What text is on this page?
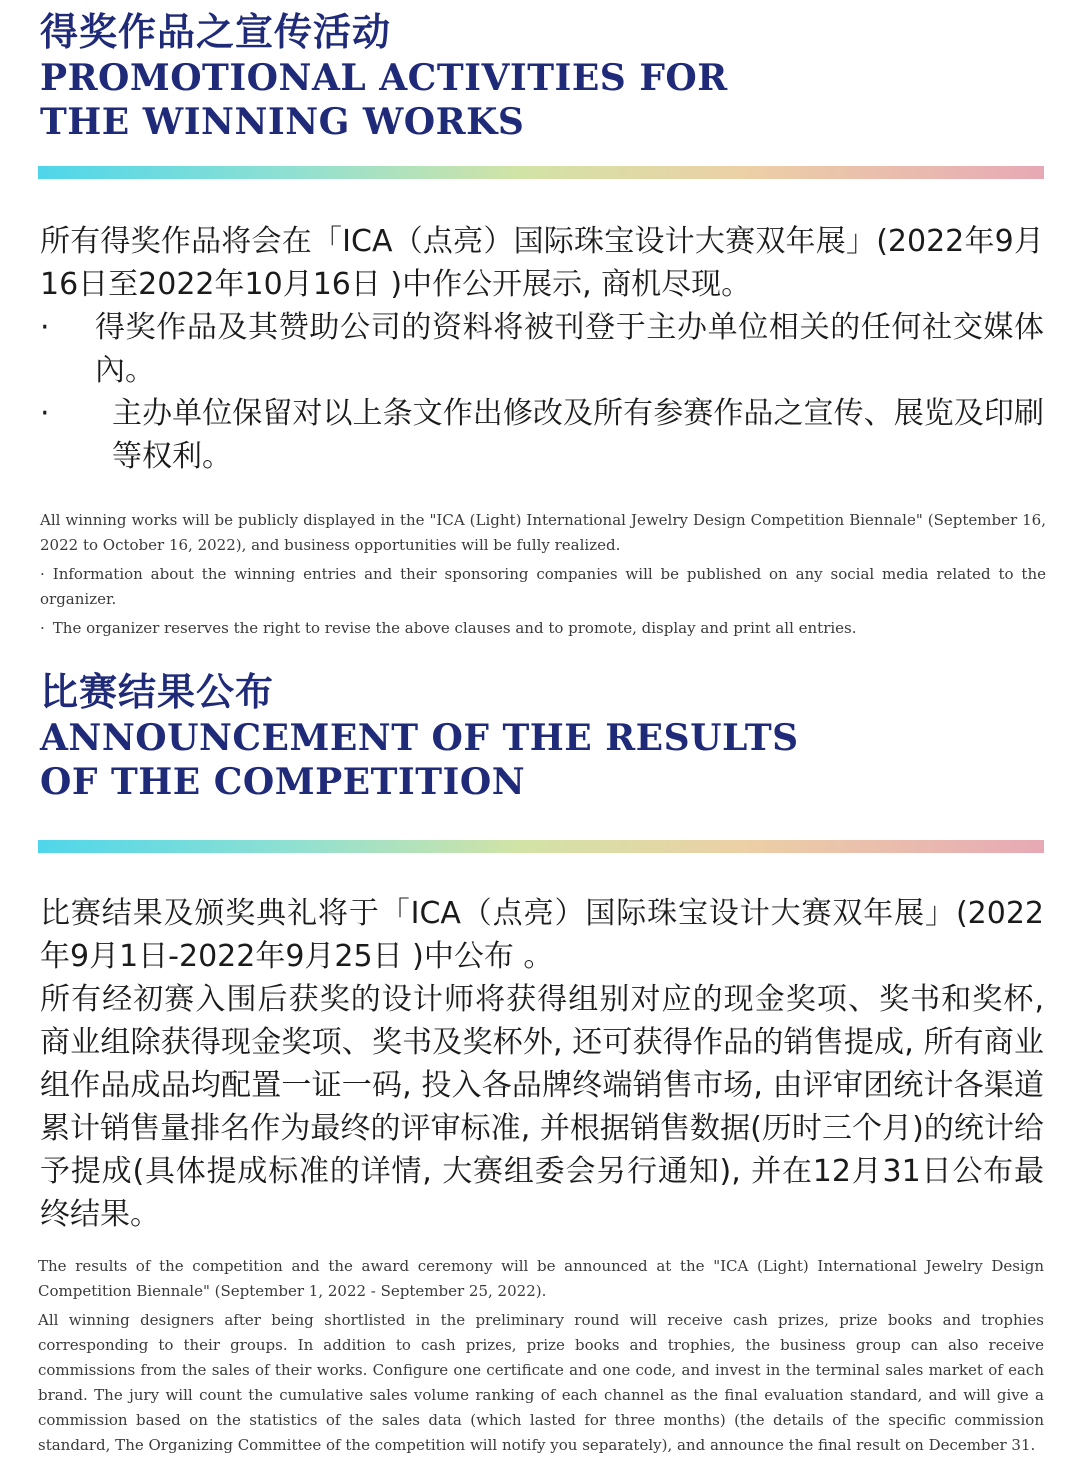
得奖作品之宣传活动
PROMOTIONAL ACTIVITIES FOR
THE WINNING WORKS

所有得奖作品将会在「ICA（点亮）国际珠宝设计大赛双年展」(2022年9月16日至2022年10月16日 )中作公开展示, 商机尽现。

·	得奖作品及其赞助公司的资料将被刊登于主办单位相关的任何社交媒体內。
·	主办单位保留对以上条文作出修改及所有参赛作品之宣传、展览及印刷等权利。

All winning works will be publicly displayed in the "ICA (Light) International Jewelry Design Competition Biennale" (September 16, 2022 to October 16, 2022), and business opportunities will be fully realized.

· Information about the winning entries and their sponsoring companies will be published on any social media related to the organizer.

· The organizer reserves the right to revise the above clauses and to promote, display and print all entries.

比赛结果公布
ANNOUNCEMENT OF THE RESULTS
OF THE COMPETITION

比赛结果及颁奖典礼将于「ICA（点亮）国际珠宝设计大赛双年展」(2022年9月1日-2022年9月25日 )中公布 。

所有经初赛入围后获奖的设计师将获得组别对应的现金奖项、奖书和奖杯, 商业组除获得现金奖项、奖书及奖杯外, 还可获得作品的销售提成, 所有商业组作品成品均配置一证一码, 投入各品牌终端销售市场, 由评审团统计各渠道累计销售量排名作为最终的评审标准, 并根据销售数据(历时三个月)的统计给予提成(具体提成标准的详情, 大赛组委会另行通知), 并在12月31日公布最终结果。

The results of the competition and the award ceremony will be announced at the "ICA (Light) International Jewelry Design Competition Biennale" (September 1, 2022 - September 25, 2022).

All winning designers after being shortlisted in the preliminary round will receive cash prizes, prize books and trophies corresponding to their groups. In addition to cash prizes, prize books and trophies, the business group can also receive commissions from the sales of their works. Configure one certificate and one code, and invest in the terminal sales market of each brand. The jury will count the cumulative sales volume ranking of each channel as the final evaluation standard, and will give a commission based on the statistics of the sales data (which lasted for three months) (the details of the specific commission standard, The Organizing Committee of the competition will notify you separately), and announce the final result on December 31.
